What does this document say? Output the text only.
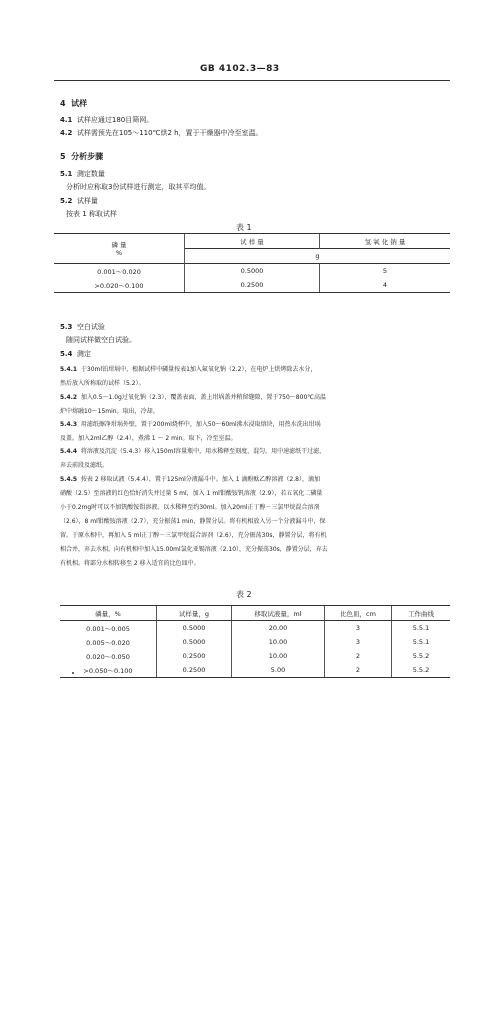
GB 4102.3—83
4 试样
4.1 试样应通过180目筛网。
4.2 试样需预先在105～110℃烘2 h，置于干燥器中冷至室温。
5 分析步骤
5.1 测定数量
分析时应称取3份试样进行测定，取其平均值。
5.2 试样量
按表 1 称取试样
表 1
磷 量
%	试 样 量	氢 氧 化 钠 量
	g	
0.001～0.020	0.5000	5
>0.020～0.100	0.2500	4
5.3 空白试验
随同试样做空白试验。
5.4 测定
5.4.1 于30ml铂坩埚中，根据试样中磷量按表1加入氟氧化钠（2.2），在电炉上烘烤除去水分，
然后放入所称取的试样（5.2）。
5.4.2 加入0.5～1.0g过氧化钠（2.3），覆盖表面，盖上坩埚盖并稍留缝隙，置于750～800℃高温
炉中熔融10～15min。取出，冷却。
5.4.3 用滤纸擦净坩埚外壁，置于200ml烧杯中，加入50～60ml沸水浸取熔块，用热水洗出坩埚
及盖。加入2ml乙醇（2.4），煮沸 1 ～ 2 min。取下，冷至室温。
5.4.4 将溶液及沉淀（5.4.3）移入150ml容量瓶中，用水稀释至刻度，混匀。用中速滤纸干过滤，
弃去前段及滤纸。
5.4.5 按表 2 移取试液（5.4.4），置于125ml分液漏斗中。加入 1 滴酚酞乙醇溶液（2.8），滴加
硝酸（2.5）至溶液的红色恰好消失并过量 5 ml，加入 1 ml钼酸铵钒溶液（2.9），若五氧化二磷量
小于0.2mg时可以不加钒酸铵钼溶液。以水稀释至约30ml。加入20ml正丁醇－三氯甲烷混合溶剂
（2.6），8 ml钼酸铵溶液（2.7），充分振荡1 min，静置分层。将有机相放入另一个分液漏斗中，保
留。于原水相中，再加入 5 ml正丁醇－三氯甲烷混合溶剂（2.6），充分振荡30s，静置分层，将有机
相合并，弃去水相。向有机相中加入15.00ml氯化亚锡溶液（2.10），充分振荡30s，静置分层，弃去
有机相。将部分水相转移至 2 移入适宜的比色皿中。
表 2
磷量，%	试样量，g	移取试液量，ml	比色皿，cm	工作曲线
0.001～0.005	0.5000	20.00	3	5.5.1
0.005～0.020	0.5000	10.00	3	5.5.1
0.020～0.050	0.2500	10.00	2	5.5.2
>0.050～0.100	0.2500	5.00	2	5.5.2
